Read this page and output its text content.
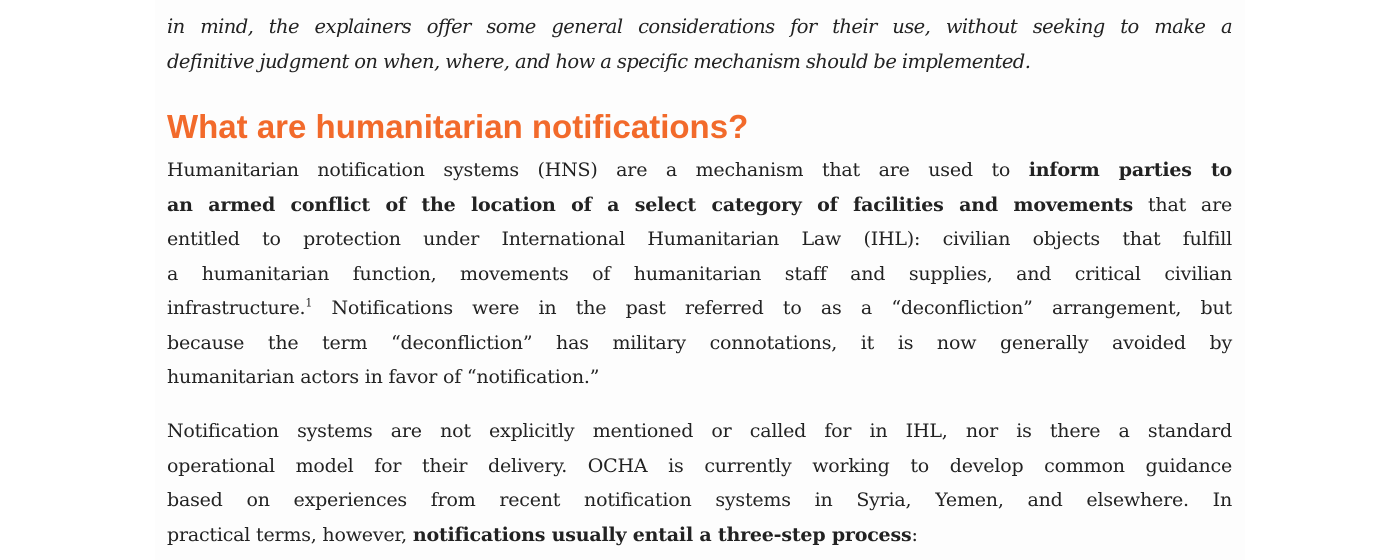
in mind, the explainers offer some general considerations for their use, without seeking to make a
definitive judgment on when, where, and how a specific mechanism should be implemented.
What are humanitarian notifications?
Humanitarian notification systems (HNS) are a mechanism that are used to inform parties to
an armed conflict of the location of a select category of facilities and movements that are
entitled to protection under International Humanitarian Law (IHL): civilian objects that fulfill
a humanitarian function, movements of humanitarian staff and supplies, and critical civilian
infrastructure.$^1$ Notifications were in the past referred to as a “deconfliction” arrangement, but
because the term “deconfliction” has military connotations, it is now generally avoided by
humanitarian actors in favor of “notification.”
Notification systems are not explicitly mentioned or called for in IHL, nor is there a standard
operational model for their delivery. OCHA is currently working to develop common guidance
based on experiences from recent notification systems in Syria, Yemen, and elsewhere. In
practical terms, however, notifications usually entail a three-step process:
